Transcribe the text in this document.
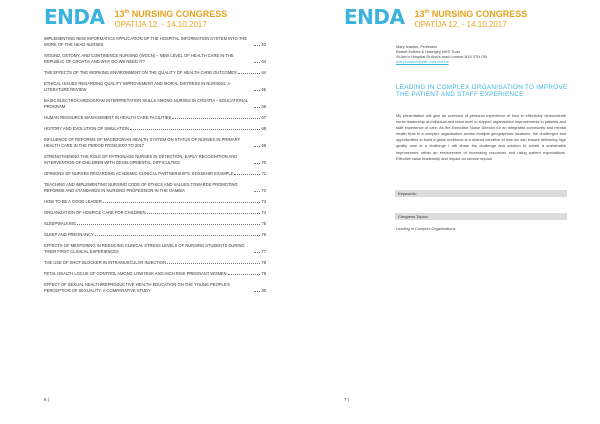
ENDA 13th NURSING CONGRESS
OPATIJA 12. - 14.10.2017
IMPLEMENTING NEW INFORMATICS APPLICATION OF THE HOSPITAL INFORMATION SYSTEM INTO THE WORK OF THE HEAD NURSES	63
WOUND, OSTOMY, AND CONTINENCE NURSING (WOCN) – NEW LEVEL OF HEALTH CARE IN THE REPUBLIC OF CROATIA AND WHY DO WE NEED IT?	64
THE EFFECTS OF THE WORKING ENVIRONMENT ON THE QUALITY OF HEALTH CARE OUTCOMES	64
ETHICAL ISSUES REGARDING QUALITY IMPROVEMENT AND MORAL DISTRESS IN NURSING: A LITERATURE REVIEW	65
BASIC ELECTROCARDIOGRAM INTERPRETATION SKILLS AMONG NURSES IN CROATIA – EDUCATIONAL PROGRAM	66
HUMAN RESOURCE MANAGEMENT IN HEALTH CARE FACILITIES	67
HISTORY AND EVOLUTION OF SIMULATION	68
INFLUENCE OF REFORMS OF MACEDONIAN HEALTH SYSTEM ON STATUS OF NURSES IN PRIMARY HEALTH CARE IN THE PERIOD FROM 2007 TO 2017	69
STRENGTHENING THE ROLE OF PATRONAGE NURSES IN DETECTION, EARLY RECOGNITION AND INTERVENTION OF CHILDREN WITH DEVELOPMENTAL DIFFICULTIES	70
OPINIONS OF NURSES REGARDING ACADEMIC-CLINICAL PARTNERSHIPS: EDXSEHIR EXAMPLE	71
TEACHING AND IMPLEMENTING NURSING CODE OF ETHICS AND VALUES TOWARDS PROMOTING REFORMS AND STANDARDS IN NURSING PROFESSION IN THE GAMBIA	72
HOW TO BE A GOOD LEADER	73
ORGANIZATION OF HOSPICE CARE FOR CHILDREN	74
SLEEPWALKING	75
SLEEP AND PREGNANCY	76
EFFECTS OF MENTORING IN REDUCING CLINICAL STRESS LEVELS OF NURSING STUDENTS DURING THEIR FIRST CLINICAL EXPERIENCES	77
THE USE OF SHOT BLOCKER IN INTRAMUSCULAR INJECTION	78
FETAL HEALTH LOCUS OF CONTROL AMONG LOW RISK AND HIGH RISK PREGNANT WOMEN	79
EFFECT OF SEXUAL HEALTH/REPRODUCTIVE HEALTH EDUCATION ON THE YOUNG PEOPLE'S PERCEPTION OF SEXUALITY: A COMPARATIVE STUDY	80
6 |
ENDA 13th NURSING CONGRESS
OPATIJA 12. - 14.10.2017
Mary Ivaston, Professor
Barnet Enfield & Haringey NHS Trust
St Ann's Hospital St Ann's road London N15 3TH GB
mary.ivaston@beh-mht.nhs.uk
LEADING IN COMPLEX ORGANISATION TO IMPROVE THE PATIENT AND STAFF EXPERIENCE
My presentation will give an overview of personal experience of how to effectively demonstrate nurse leadership at individual and team level to support organisation improvements in patients and staff experience of care. As the Executive Nurse Director for an integrated community and mental health trust in a complex organisation across multiple geographical locations, the challenges and opportunities to build a great workforce is a shared narrative of how we can ensure delivering high quality care is a challenge I will share the challenge and solution to create a sustainable improvement within an environment of increasing resources and rising patient expectations. Effective value leadership and impact on service impact.
Keywords:
Congress Topics:
Leading in Complex Organisations
7 |
